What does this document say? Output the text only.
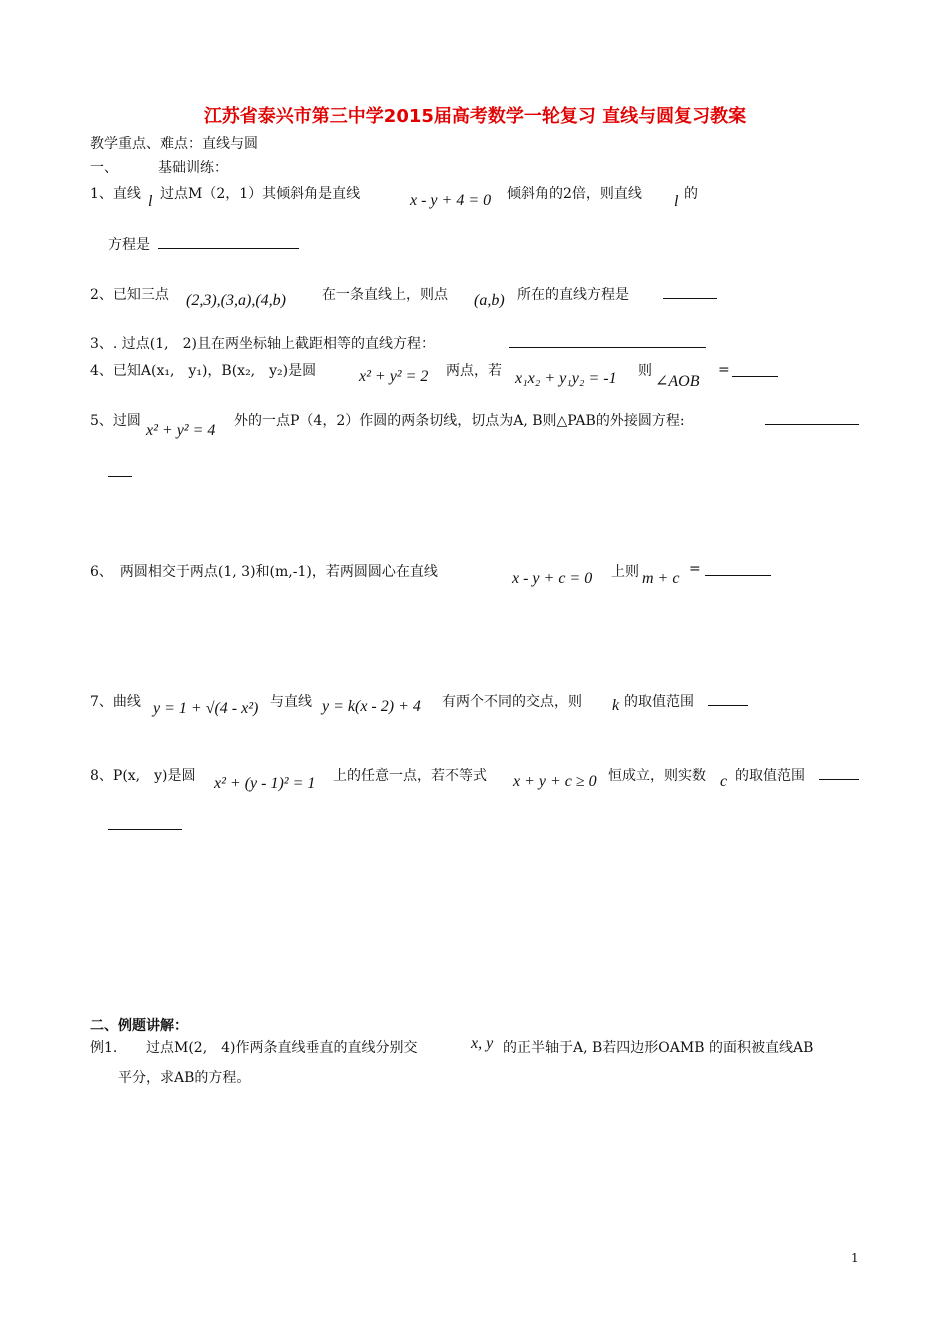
江苏省泰兴市第三中学2015届高考数学一轮复习 直线与圆复习教案
教学重点、难点：直线与圆
一、	基础训练：
1、直线 l 过点M（2，1）其倾斜角是直线	x - y + 4 = 0 倾斜角的2倍，则直线 l 的
方程是
2、已知三点 (2,3),(3,a),(4,b)	在一条直线上，则点 (a,b) 所在的直线方程是
3、. 过点(1,　2)且在两坐标轴上截距相等的直线方程：
4、已知A(x₁,　y₁)，B(x₂,　y₂)是圆	x² + y² = 2 两点，若 x₁x₂ + y₁y₂ = -1 则
∠AOB
=
5、过圆
x² + y² = 4
外的一点P（4，2）作圆的两条切线，切点为A, B则△PAB的外接圆方程:
6、　两圆相交于两点(1, 3)和(m,-1)，若两圆圆心在直线	x - y + c = 0 上则 m + c
=
7、曲线 y = 1 + √(4 - x²) 与直线 y = k(x - 2) + 4 有两个不同的交点，则 k 的取值范围
8、P(x,　y)是圆 x² + (y - 1)² = 1 上的任意一点，若不等式 x + y + c ≥ 0 恒成立，则实数 c 的取值范围
二、例题讲解：
例1. 过点M(2,　4)作两条直线垂直的直线分别交	x, y 的正半轴于A, B若四边形OAMB 的面积被直线AB
平分，求AB的方程。
1
